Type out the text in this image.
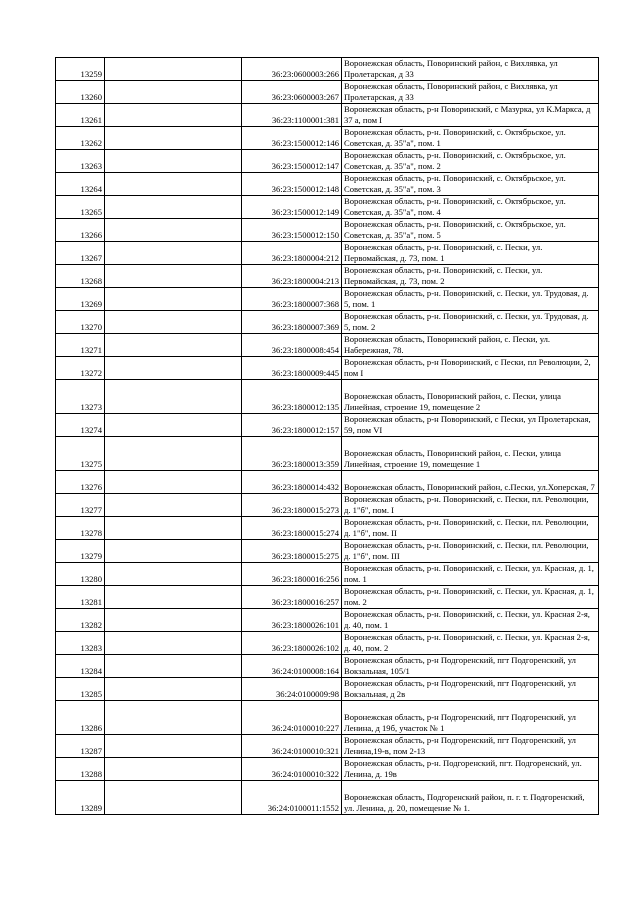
13259		36:23:0600003:266	Воронежская область, Поворинский район, с Вихлявка, ул Пролетарская, д 33
13260		36:23:0600003:267	Воронежская область, Поворинский район, с Вихлявка, ул Пролетарская, д 33
13261		36:23:1100001:381	Воронежская область, р-н Поворинский, с Мазурка, ул К.Маркса, д 37 а, пом I
13262		36:23:1500012:146	Воронежская область, р-н. Поворинский, с. Октябрьское, ул. Советская, д. 35"а", пом. 1
13263		36:23:1500012:147	Воронежская область, р-н. Поворинский, с. Октябрьское, ул. Советская, д. 35"а", пом. 2
13264		36:23:1500012:148	Воронежская область, р-н. Поворинский, с. Октябрьское, ул. Советская, д. 35"а", пом. 3
13265		36:23:1500012:149	Воронежская область, р-н. Поворинский, с. Октябрьское, ул. Советская, д. 35"а", пом. 4
13266		36:23:1500012:150	Воронежская область, р-н. Поворинский, с. Октябрьское, ул. Советская, д. 35"а", пом. 5
13267		36:23:1800004:212	Воронежская область, р-н. Поворинский, с. Пески, ул. Первомайская, д. 73, пом. 1
13268		36:23:1800004:213	Воронежская область, р-н. Поворинский, с. Пески, ул. Первомайская, д. 73, пом. 2
13269		36:23:1800007:368	Воронежская область, р-н. Поворинский, с. Пески, ул. Трудовая, д. 5, пом. 1
13270		36:23:1800007:369	Воронежская область, р-н. Поворинский, с. Пески, ул. Трудовая, д. 5, пом. 2
13271		36:23:1800008:454	Воронежская область, Поворинский район, с. Пески, ул. Набережная, 78.
13272		36:23:1800009:445	Воронежская область, р-н Поворинский, с Пески, пл Революции, 2, пом I
13273		36:23:1800012:135	Воронежская область, Поворинский район, с. Пески, улица Линейная, строение 19, помещение 2
13274		36:23:1800012:157	Воронежская область, р-н Поворинский, с Пески, ул Пролетарская, 59, пом VI
13275		36:23:1800013:359	Воронежская область, Поворинский район, с. Пески, улица Линейная, строение 19, помещение 1
13276		36:23:1800014:432	Воронежская область, Поворинский район, с.Пески, ул.Хоперская, 7
13277		36:23:1800015:273	Воронежская область, р-н. Поворинский, с. Пески, пл. Революции, д. 1"б", пом. I
13278		36:23:1800015:274	Воронежская область, р-н. Поворинский, с. Пески, пл. Революции, д. 1"б", пом. II
13279		36:23:1800015:275	Воронежская область, р-н. Поворинский, с. Пески, пл. Революции, д. 1"б", пом. III
13280		36:23:1800016:256	Воронежская область, р-н. Поворинский, с. Пески, ул. Красная, д. 1, пом. 1
13281		36:23:1800016:257	Воронежская область, р-н. Поворинский, с. Пески, ул. Красная, д. 1, пом. 2
13282		36:23:1800026:101	Воронежская область, р-н. Поворинский, с. Пески, ул. Красная 2-я, д. 40, пом. 1
13283		36:23:1800026:102	Воронежская область, р-н. Поворинский, с. Пески, ул. Красная 2-я, д. 40, пом. 2
13284		36:24:0100008:164	Воронежская область, р-н Подгоренский, пгт Подгоренский, ул Вокзальная, 105/1
13285		36:24:0100009:98	Воронежская область, р-н Подгоренский, пгт Подгоренский, ул Вокзальная, д 2в
13286		36:24:0100010:227	Воронежская область, р-н Подгоренский, пгт Подгоренский, ул Ленина, д 19б, участок № 1
13287		36:24:0100010:321	Воронежская область, р-н Подгоренский, пгт Подгоренский, ул Ленина,19-в, пом 2-13
13288		36:24:0100010:322	Воронежская область, р-н. Подгоренский, пгт. Подгоренский, ул. Ленина, д. 19в
13289		36:24:0100011:1552	Воронежская область, Подгоренский район, п. г. т. Подгоренский, ул. Ленина, д. 20, помещение № 1.
